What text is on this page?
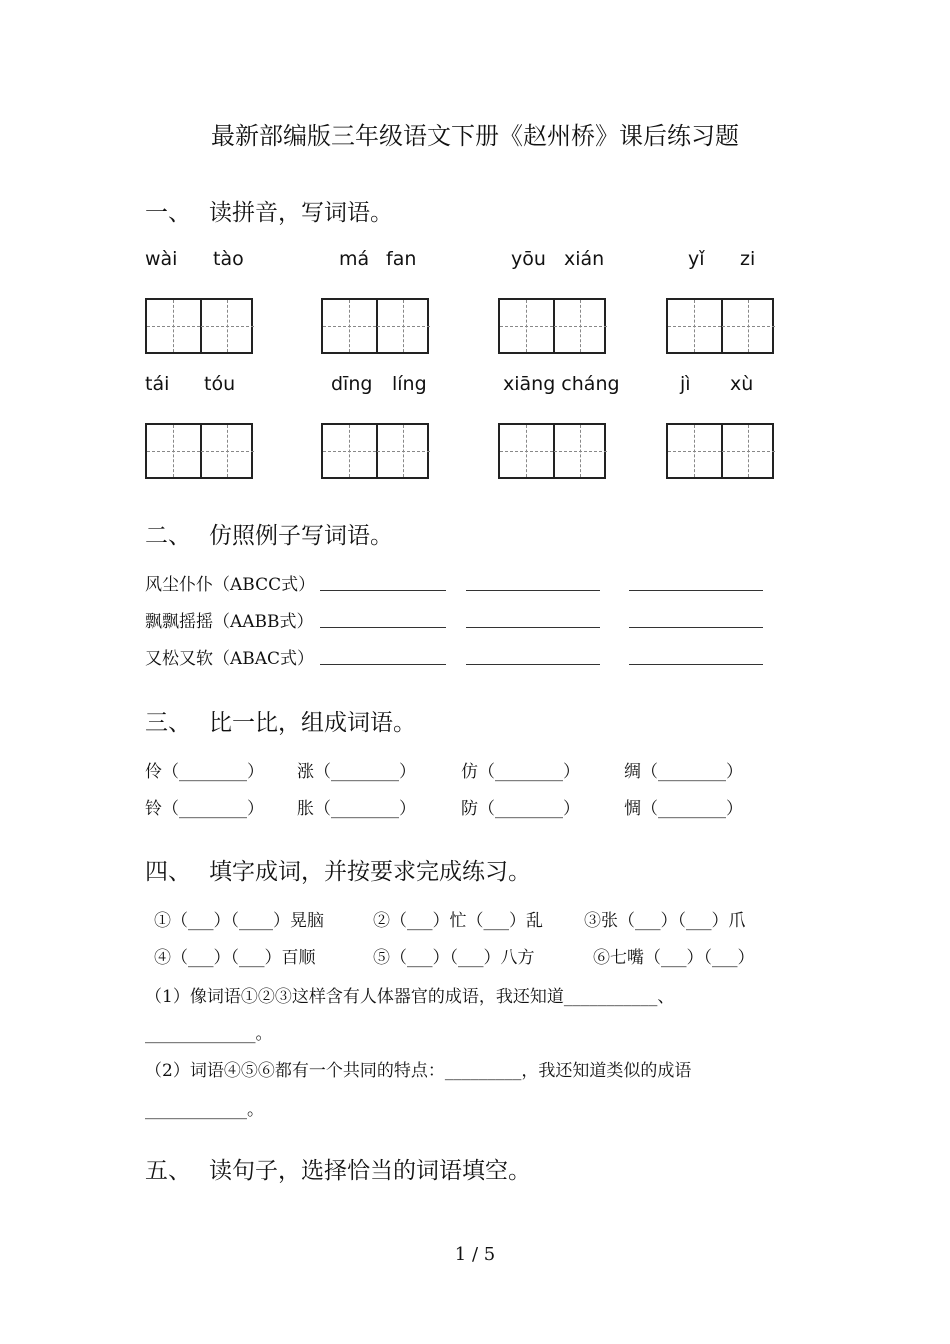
最新部编版三年级语文下册《赵州桥》课后练习题
一、 读拼音，写词语。
wài tào	má fan	yōu xián	yǐ zi
tái tóu	dīng líng	xiāng cháng	jì xù
二、 仿照例子写词语。
风尘仆仆（ABCC式）
飘飘摇摇（AABB式）
又松又软（ABAC式）
三、 比一比，组成词语。
伶（________） 涨（________）	仿（________）	绸（________）
铃（________） 胀（________）	防（________）	惆（________）
四、 填字成词，并按要求完成练习。
①（___）（____）晃脑	②（___）忙（___）乱 ③张（___）（___）爪
④（___）（___）百顺	⑤（___）（___）八方	⑥七嘴（___）（___）
（1）像词语①②③这样含有人体器官的成语，我还知道___________、
_____________。
（2）词语④⑤⑥都有一个共同的特点：_________，我还知道类似的成语
____________。
五、 读句子，选择恰当的词语填空。
1 / 5
